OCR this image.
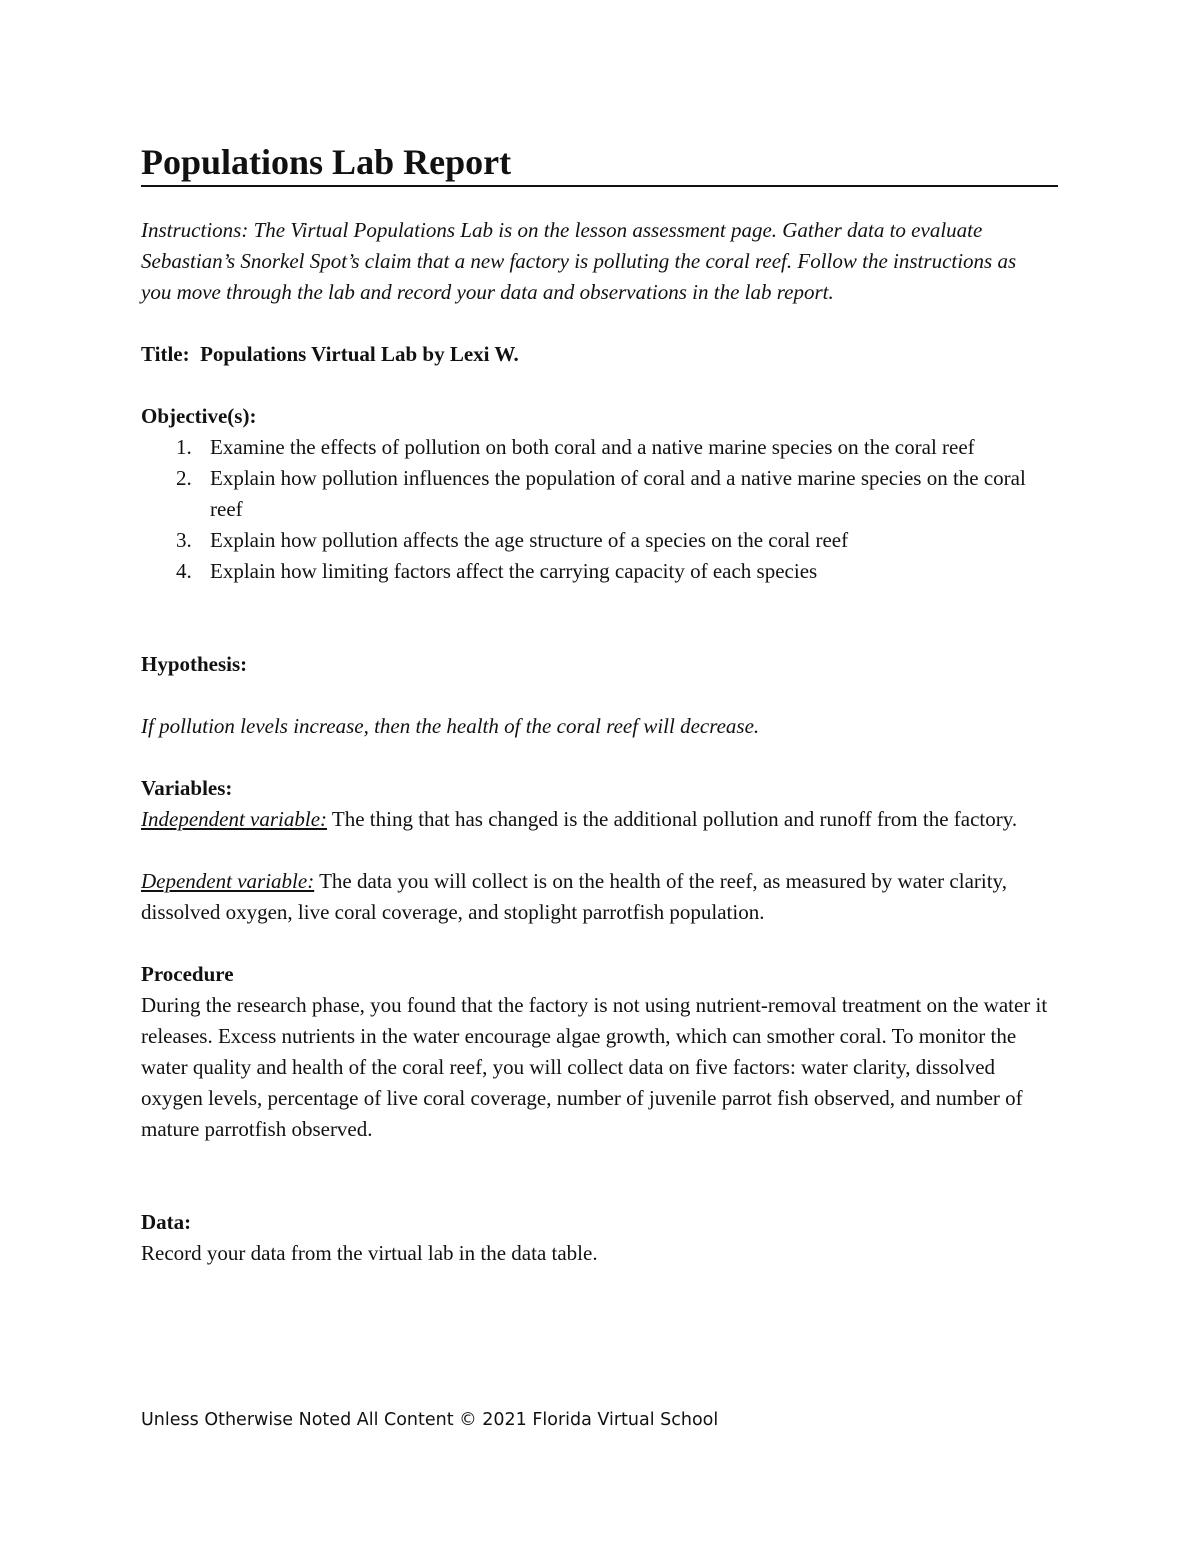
Populations Lab Report

Instructions: The Virtual Populations Lab is on the lesson assessment page. Gather data to evaluate Sebastian’s Snorkel Spot’s claim that a new factory is polluting the coral reef. Follow the instructions as you move through the lab and record your data and observations in the lab report.

Title: Populations Virtual Lab by Lexi W.
Objective(s):
1. Examine the effects of pollution on both coral and a native marine species on the coral reef
2. Explain how pollution influences the population of coral and a native marine species on the coral reef
3. Explain how pollution affects the age structure of a species on the coral reef
4. Explain how limiting factors affect the carrying capacity of each species
Hypothesis:
If pollution levels increase, then the health of the coral reef will decrease.
Variables:
Independent variable: The thing that has changed is the additional pollution and runoff from the factory.
Dependent variable: The data you will collect is on the health of the reef, as measured by water clarity, dissolved oxygen, live coral coverage, and stoplight parrotfish population.
Procedure
During the research phase, you found that the factory is not using nutrient-removal treatment on the water it releases. Excess nutrients in the water encourage algae growth, which can smother coral. To monitor the water quality and health of the coral reef, you will collect data on five factors: water clarity, dissolved oxygen levels, percentage of live coral coverage, number of juvenile parrot fish observed, and number of mature parrotfish observed.
Data:
Record your data from the virtual lab in the data table.
Unless Otherwise Noted All Content © 2021 Florida Virtual School
